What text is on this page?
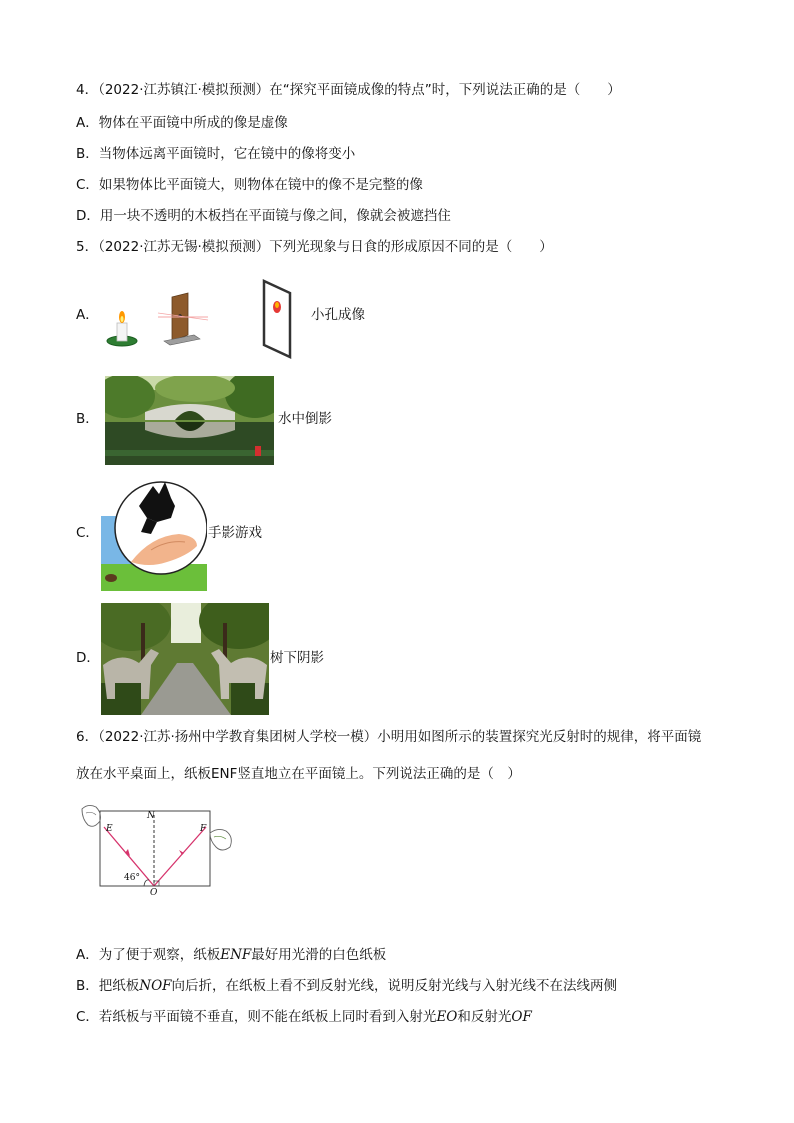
4．（2022·江苏镇江·模拟预测）在“探究平面镜成像的特点”时，下列说法正确的是（　　）
A．物体在平面镜中所成的像是虚像
B．当物体远离平面镜时，它在镜中的像将变小
C．如果物体比平面镜大，则物体在镜中的像不是完整的像
D．用一块不透明的木板挡在平面镜与像之间，像就会被遮挡住
5．（2022·江苏无锡·模拟预测）下列光现象与日食的形成原因不同的是（　　）
A．	小孔成像
B．	水中倒影
C．	手影游戏
D．	树下阴影
6．（2022·江苏·扬州中学教育集团树人学校一模）小明用如图所示的装置探究光反射时的规律，将平面镜
放在水平桌面上，纸板ENF竖直地立在平面镜上。下列说法正确的是（　）
E
N
F
O
46°
A．为了便于观察，纸板ENF最好用光滑的白色纸板
B．把纸板NOF向后折，在纸板上看不到反射光线，说明反射光线与入射光线不在法线两侧
C．若纸板与平面镜不垂直，则不能在纸板上同时看到入射光EO和反射光OF
